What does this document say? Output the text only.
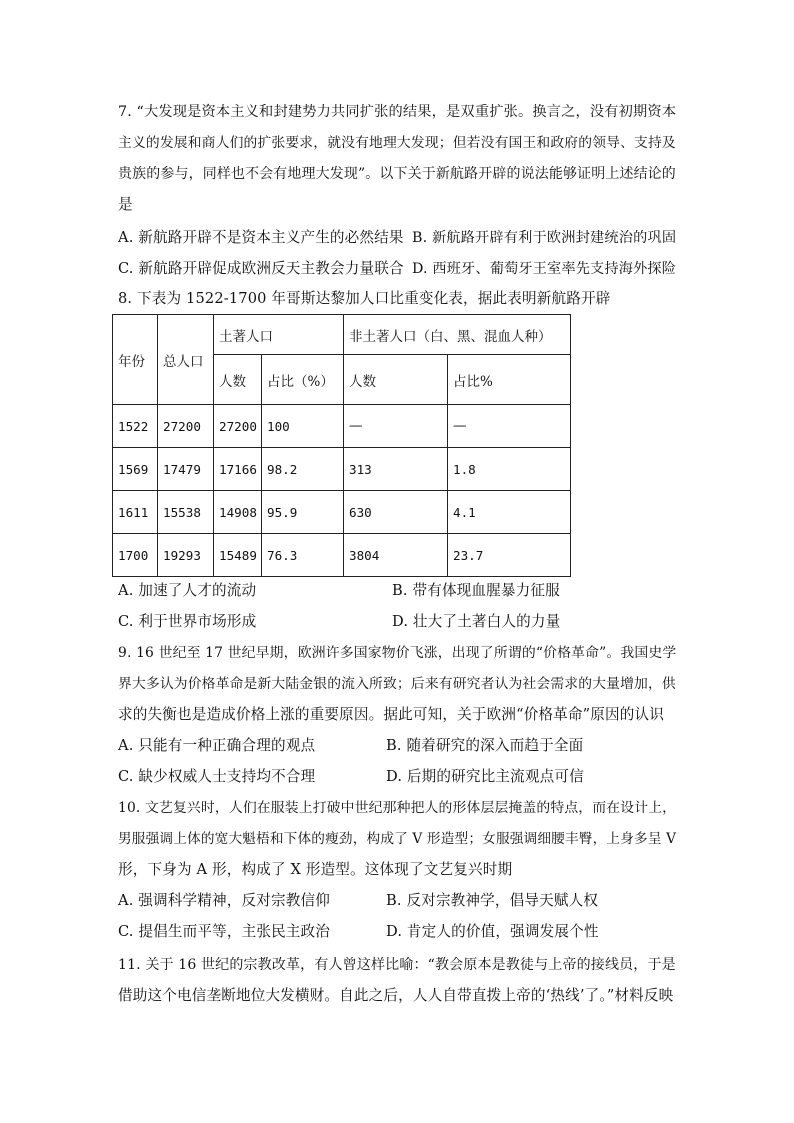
7. “大发现是资本主义和封建势力共同扩张的结果，是双重扩张。换言之，没有初期资本
主义的发展和商人们的扩张要求，就没有地理大发现；但若没有国王和政府的领导、支持及
贵族的参与，同样也不会有地理大发现”。以下关于新航路开辟的说法能够证明上述结论的
是
A. 新航路开辟不是资本主义产生的必然结果 B. 新航路开辟有利于欧洲封建统治的巩固
C. 新航路开辟促成欧洲反天主教会力量联合 D. 西班牙、葡萄牙王室率先支持海外探险
8. 下表为 1522-1700 年哥斯达黎加人口比重变化表，据此表明新航路开辟
年份	总人口	土著人口		非土著人口（白、黑、混血人种）	
		人数	占比（%）	人数	占比%
1522	27200	27200	100	—	—
1569	17479	17166	98.2	313	1.8
1611	15538	14908	95.9	630	4.1
1700	19293	15489	76.3	3804	23.7
A. 加速了人才的流动	B. 带有体现血腥暴力征服
C. 利于世界市场形成	D. 壮大了土著白人的力量
9. 16 世纪至 17 世纪早期，欧洲许多国家物价飞涨，出现了所谓的“价格革命”。我国史学
界大多认为价格革命是新大陆金银的流入所致；后来有研究者认为社会需求的大量增加，供
求的失衡也是造成价格上涨的重要原因。据此可知，关于欧洲“价格革命”原因的认识
A. 只能有一种正确合理的观点	B. 随着研究的深入而趋于全面
C. 缺少权威人士支持均不合理	D. 后期的研究比主流观点可信
10. 文艺复兴时，人们在服装上打破中世纪那种把人的形体层层掩盖的特点，而在设计上，
男服强调上体的宽大魁梧和下体的瘦劲，构成了 V 形造型；女服强调细腰丰臀，上身多呈 V
形，下身为 A 形，构成了 X 形造型。这体现了文艺复兴时期
A. 强调科学精神，反对宗教信仰	B. 反对宗教神学，倡导天赋人权
C. 提倡生而平等，主张民主政治	D. 肯定人的价值，强调发展个性
11. 关于 16 世纪的宗教改革，有人曾这样比喻：“教会原本是教徒与上帝的接线员，于是
借助这个电信垄断地位大发横财。自此之后，人人自带直拨上帝的‘热线’了。”材料反映
